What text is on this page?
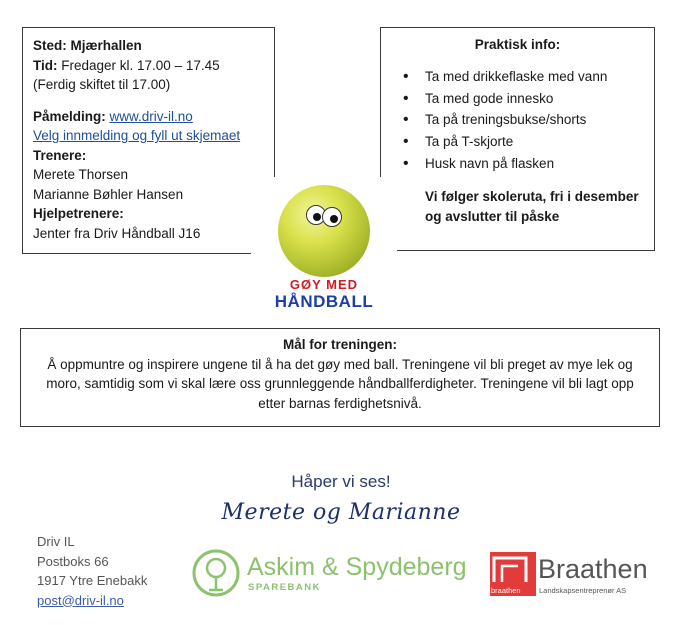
Sted: Mjærhallen
Tid: Fredager kl. 17.00 – 17.45
(Ferdig skiftet til 17.00)
Påmelding: www.driv-il.no
Velg innmelding og fyll ut skjemaet
Trenere:
Merete Thorsen
Marianne Bøhler Hansen
Hjelpetrenere:
Jenter fra Driv Håndball J16
Praktisk info:
• Ta med drikkeflaske med vann
• Ta med gode innesko
• Ta på treningsbukse/shorts
• Ta på T-skjorte
• Husk navn på flasken
Vi følger skoleruta, fri i desember
og avslutter til påske
GØY MED
HÅNDBALL
Mål for treningen:
Å oppmuntre og inspirere ungene til å ha det gøy med ball. Treningene vil bli preget av mye lek og moro, samtidig som vi skal lære oss grunnleggende håndballferdigheter. Treningene vil bli lagt opp etter barnas ferdighetsnivå.
Håper vi ses!
Merete og Marianne
Driv IL
Postboks 66
1917 Ytre Enebakk
post@driv-il.no
Askim & Spydeberg
SPAREBANK	braathen
Braathen
Landskapsentreprenør AS
